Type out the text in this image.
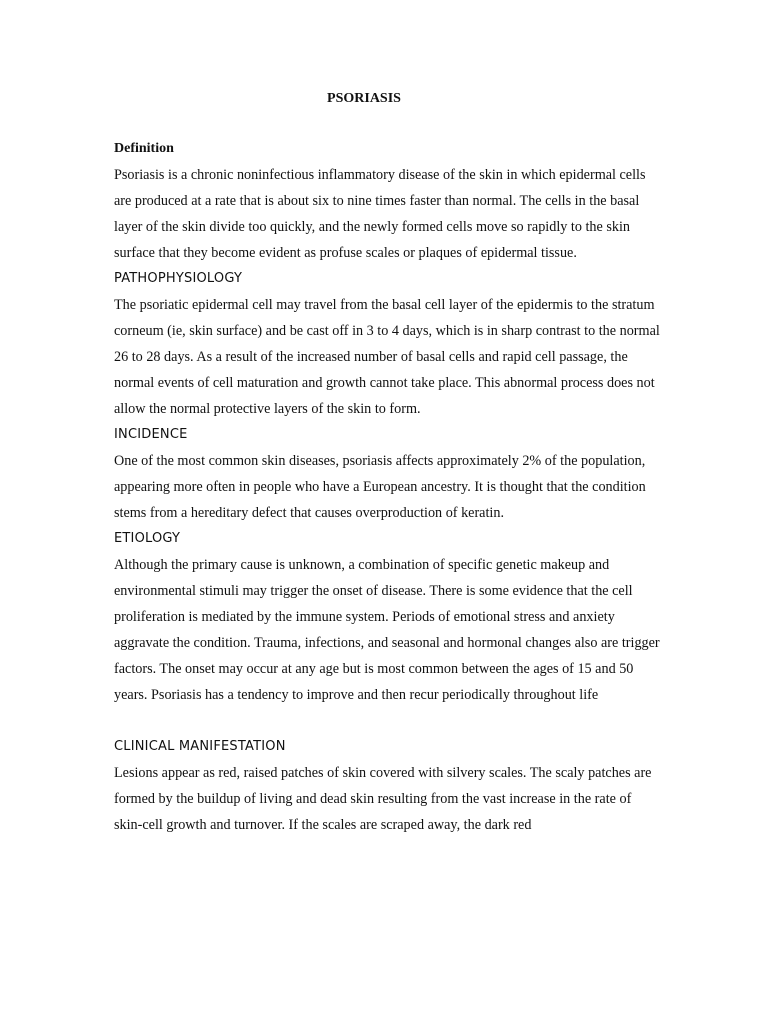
PSORIASIS

Definition

Psoriasis is a chronic noninfectious inflammatory disease of the skin in which epidermal cells are produced at a rate that is about six to nine times faster than normal. The cells in the basal layer of the skin divide too quickly, and the newly formed cells move so rapidly to the skin surface that they become evident as profuse scales or plaques of epidermal tissue.

PATHOPHYSIOLOGY

The psoriatic epidermal cell may travel from the basal cell layer of the epidermis to the stratum corneum (ie, skin surface) and be cast off in 3 to 4 days, which is in sharp contrast to the normal 26 to 28 days. As a result of the increased number of basal cells and rapid cell passage, the normal events of cell maturation and growth cannot take place. This abnormal process does not allow the normal protective layers of the skin to form.

INCIDENCE

One of the most common skin diseases, psoriasis affects approximately 2% of the population, appearing more often in people who have a European ancestry. It is thought that the condition stems from a hereditary defect that causes overproduction of keratin.

ETIOLOGY

Although the primary cause is unknown, a combination of specific genetic makeup and environmental stimuli may trigger the onset of disease. There is some evidence that the cell proliferation is mediated by the immune system. Periods of emotional stress and anxiety aggravate the condition. Trauma, infections, and seasonal and hormonal changes also are trigger factors. The onset may occur at any age but is most common between the ages of 15 and 50 years. Psoriasis has a tendency to improve and then recur periodically throughout life

CLINICAL MANIFESTATION

Lesions appear as red, raised patches of skin covered with silvery scales. The scaly patches are formed by the buildup of living and dead skin resulting from the vast increase in the rate of skin-cell growth and turnover. If the scales are scraped away, the dark red
